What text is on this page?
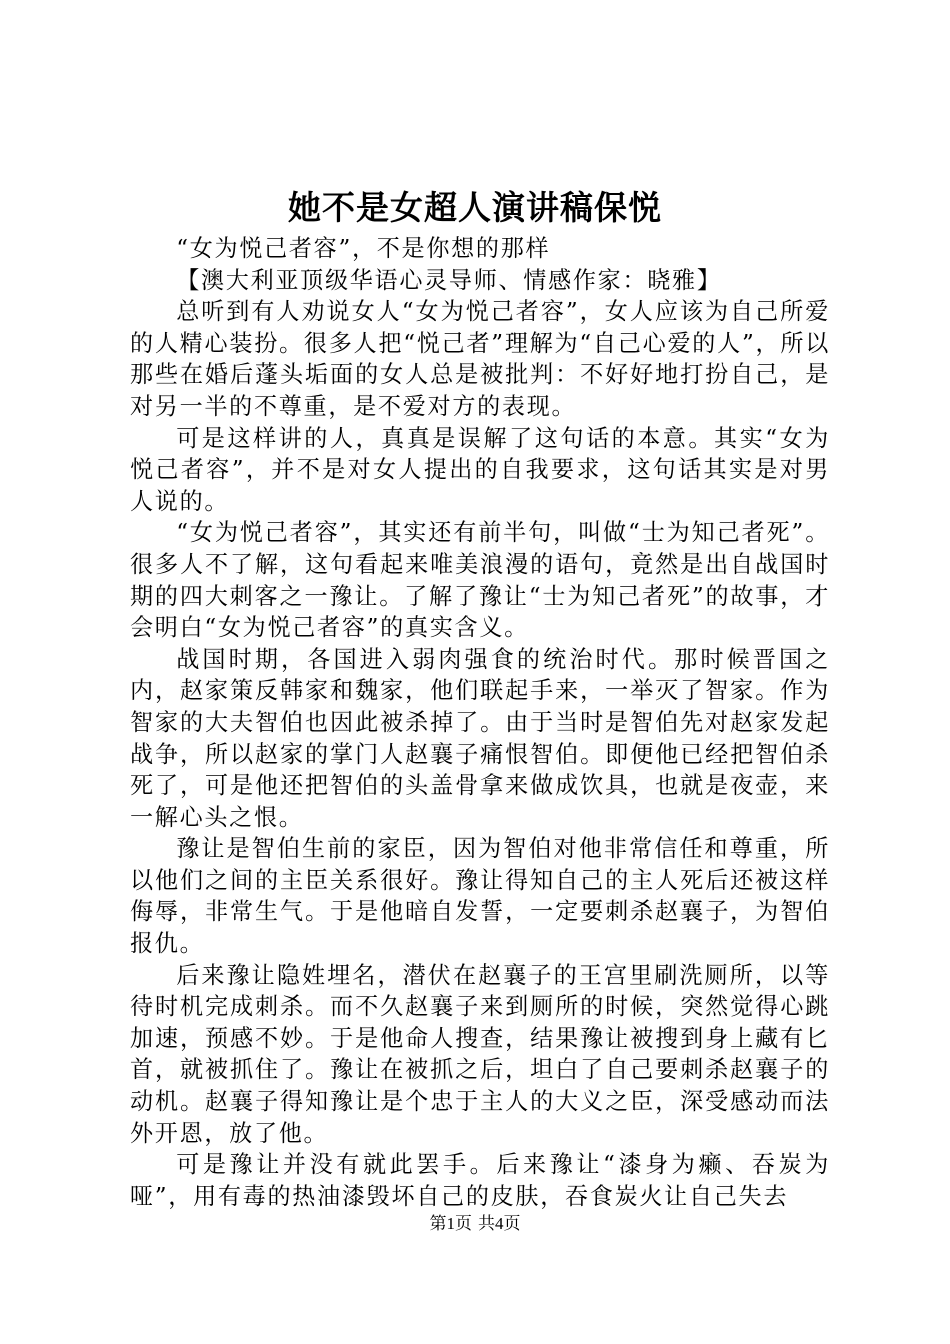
她不是女超人演讲稿保悦

“女为悦己者容”，不是你想的那样

【澳大利亚顶级华语心灵导师、情感作家：晓雅】

总听到有人劝说女人“女为悦己者容”，女人应该为自己所爱的人精心装扮。很多人把“悦己者”理解为“自己心爱的人”，所以那些在婚后蓬头垢面的女人总是被批判：不好好地打扮自己，是对另一半的不尊重，是不爱对方的表现。

可是这样讲的人，真真是误解了这句话的本意。其实“女为悦己者容”，并不是对女人提出的自我要求，这句话其实是对男人说的。

“女为悦己者容”，其实还有前半句，叫做“士为知己者死”。很多人不了解，这句看起来唯美浪漫的语句，竟然是出自战国时期的四大刺客之一豫让。了解了豫让“士为知己者死”的故事，才会明白“女为悦己者容”的真实含义。

战国时期，各国进入弱肉强食的统治时代。那时候晋国之内，赵家策反韩家和魏家，他们联起手来，一举灭了智家。作为智家的大夫智伯也因此被杀掉了。由于当时是智伯先对赵家发起战争，所以赵家的掌门人赵襄子痛恨智伯。即便他已经把智伯杀死了，可是他还把智伯的头盖骨拿来做成饮具，也就是夜壶，来一解心头之恨。

豫让是智伯生前的家臣，因为智伯对他非常信任和尊重，所以他们之间的主臣关系很好。豫让得知自己的主人死后还被这样侮辱，非常生气。于是他暗自发誓，一定要刺杀赵襄子，为智伯报仇。

后来豫让隐姓埋名，潜伏在赵襄子的王宫里刷洗厕所，以等待时机完成刺杀。而不久赵襄子来到厕所的时候，突然觉得心跳加速，预感不妙。于是他命人搜查，结果豫让被搜到身上藏有匕首，就被抓住了。豫让在被抓之后，坦白了自己要刺杀赵襄子的动机。赵襄子得知豫让是个忠于主人的大义之臣，深受感动而法外开恩，放了他。

可是豫让并没有就此罢手。后来豫让“漆身为癞、吞炭为哑”，用有毒的热油漆毁坏自己的皮肤，吞食炭火让自己失去

第1页 共4页
